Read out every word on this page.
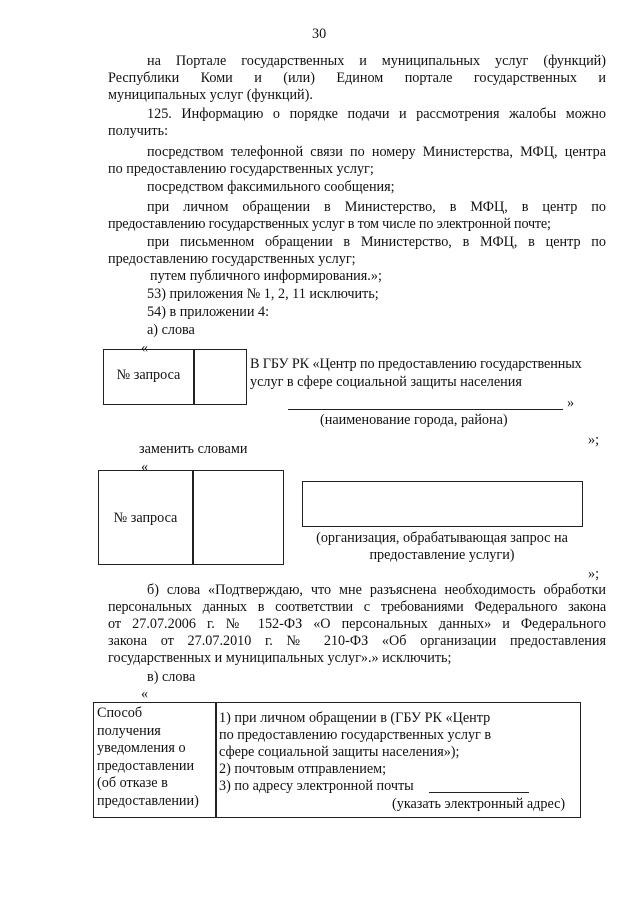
30
на Портале государственных и муниципальных услуг (функций)
Республики Коми и (или) Едином портале государственных и
муниципальных услуг (функций).
125. Информацию о порядке подачи и рассмотрения жалобы можно
получить:
посредством телефонной связи по номеру Министерства, МФЦ, центра
по предоставлению государственных услуг;
посредством факсимильного сообщения;
при личном обращении в Министерство, в МФЦ, в центр по
предоставлению государственных услуг в том числе по электронной почте;
при письменном обращении в Министерство, в МФЦ, в центр по
предоставлению государственных услуг;
путем публичного информирования.»;
53) приложения № 1, 2, 11 исключить;
54) в приложении 4:
а) слова
«
№ запроса
В ГБУ РК «Центр по предоставлению государственных
услуг в сфере социальной защиты населения
»
(наименование города, района)
»;
заменить словами
«
№ запроса
(организация, обрабатывающая запрос на
предоставление услуги)
»;
б) слова «Подтверждаю, что мне разъяснена необходимость обработки
персональных данных в соответствии с требованиями Федерального закона
от 27.07.2006 г. № 152-ФЗ «О персональных данных» и Федерального
закона от 27.07.2010 г. № 210-ФЗ «Об организации предоставления
государственных и муниципальных услуг».» исключить;
в) слова
«
Способ
получения
уведомления о
предоставлении
(об отказе в
предоставлении)
1) при личном обращении в (ГБУ РК «Центр
по предоставлению государственных услуг в
сфере социальной защиты населения»);
2) почтовым отправлением;
3) по адресу электронной почты
(указать электронный адрес)
